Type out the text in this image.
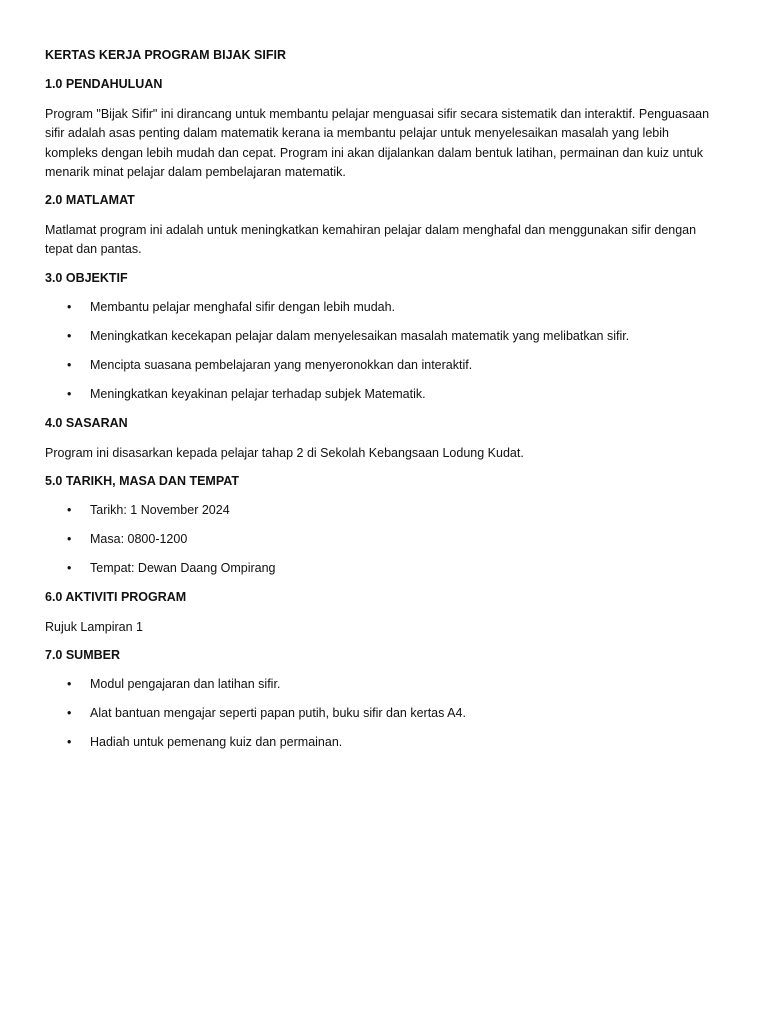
KERTAS KERJA PROGRAM BIJAK SIFIR
1.0 PENDAHULUAN

Program "Bijak Sifir" ini dirancang untuk membantu pelajar menguasai sifir secara sistematik dan interaktif. Penguasaan sifir adalah asas penting dalam matematik kerana ia membantu pelajar untuk menyelesaikan masalah yang lebih kompleks dengan lebih mudah dan cepat. Program ini akan dijalankan dalam bentuk latihan, permainan dan kuiz untuk menarik minat pelajar dalam pembelajaran matematik.

2.0 MATLAMAT

Matlamat program ini adalah untuk meningkatkan kemahiran pelajar dalam menghafal dan menggunakan sifir dengan tepat dan pantas.

3.0 OBJEKTIF
• Membantu pelajar menghafal sifir dengan lebih mudah.
• Meningkatkan kecekapan pelajar dalam menyelesaikan masalah matematik yang melibatkan sifir.
• Mencipta suasana pembelajaran yang menyeronokkan dan interaktif.
• Meningkatkan keyakinan pelajar terhadap subjek Matematik.
4.0 SASARAN

Program ini disasarkan kepada pelajar tahap 2 di Sekolah Kebangsaan Lodung Kudat.

5.0 TARIKH, MASA DAN TEMPAT
• Tarikh: 1 November 2024
• Masa: 0800-1200
• Tempat: Dewan Daang Ompirang
6.0 AKTIVITI PROGRAM

Rujuk Lampiran 1

7.0 SUMBER
• Modul pengajaran dan latihan sifir.
• Alat bantuan mengajar seperti papan putih, buku sifir dan kertas A4.
• Hadiah untuk pemenang kuiz dan permainan.
